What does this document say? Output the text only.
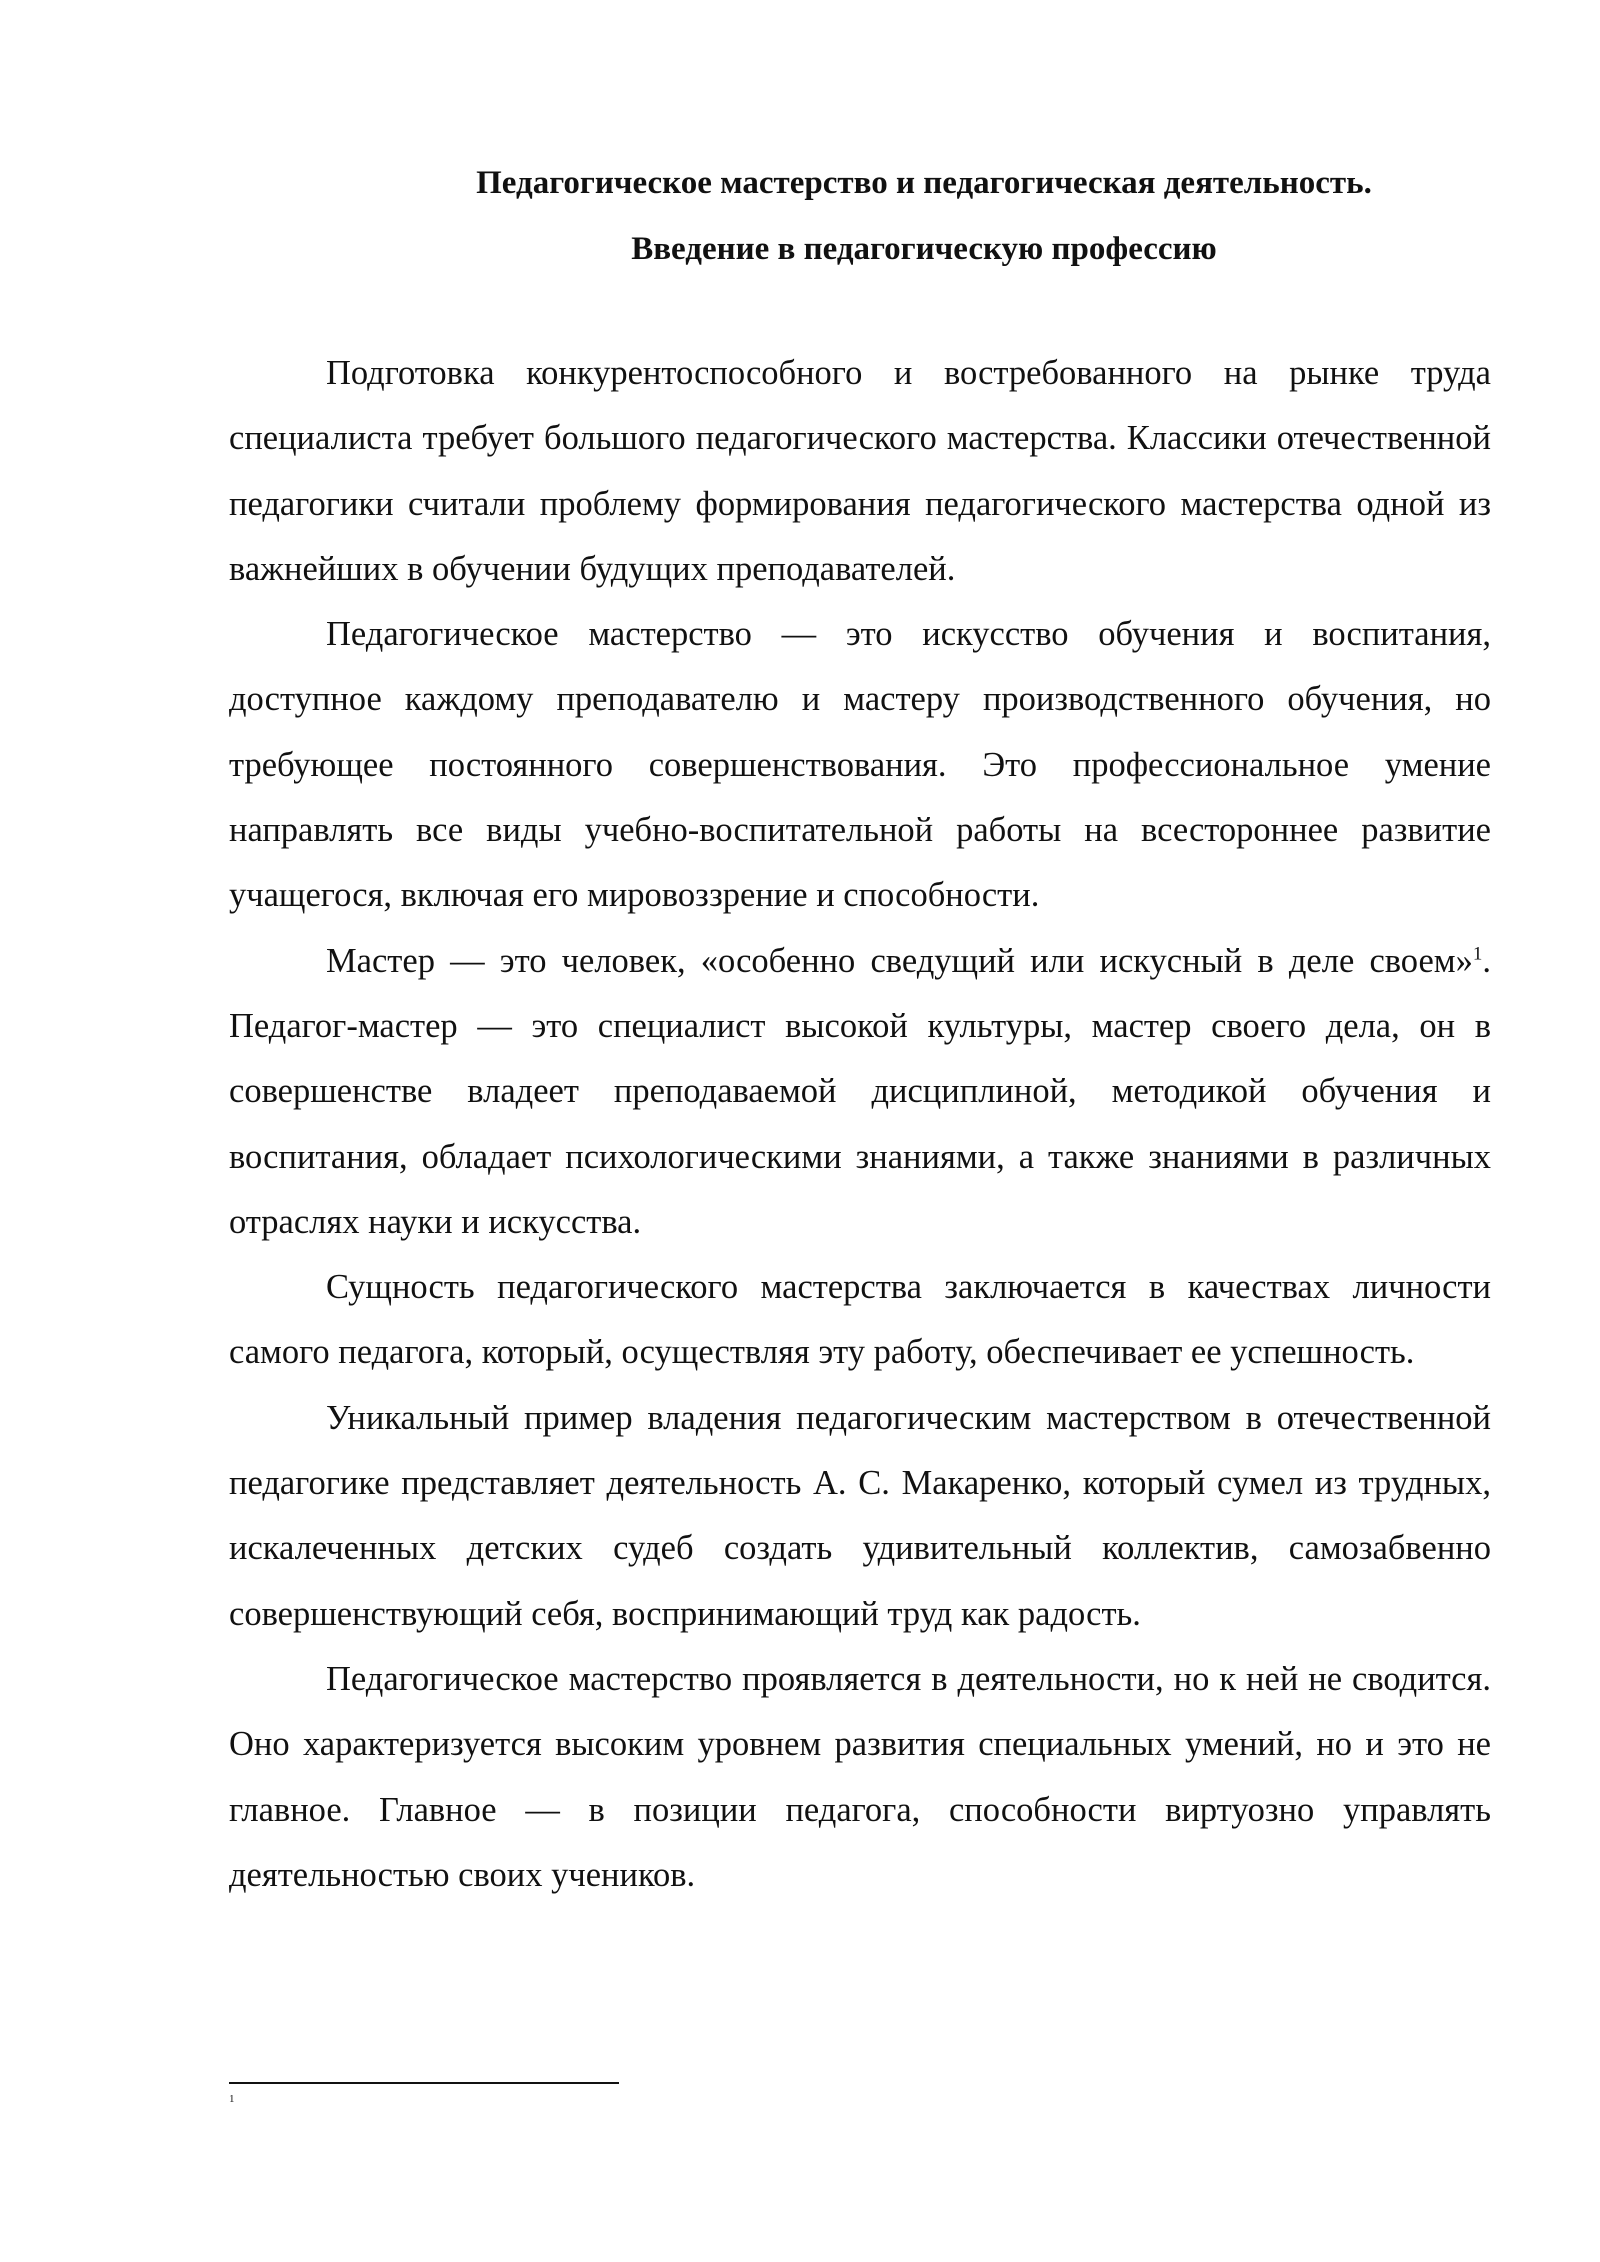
Педагогическое мастерство и педагогическая деятельность.
Введение в педагогическую профессию

Подготовка конкурентоспособного и востребованного на рынке труда специалиста требует большого педагогического мастерства. Классики отечественной педагогики считали проблему формирования педагогического мастерства одной из важнейших в обучении будущих преподавателей.

Педагогическое мастерство — это искусство обучения и воспитания, доступное каждому преподавателю и мастеру производственного обучения, но требующее постоянного совершенствования. Это профессиональное умение направлять все виды учебно-воспитательной работы на всестороннее развитие учащегося, включая его мировоззрение и способности.

Мастер — это человек, «особенно сведущий или искусный в деле своем»$^1$. Педагог-мастер — это специалист высокой культуры, мастер своего дела, он в совершенстве владеет преподаваемой дисциплиной, методикой обучения и воспитания, обладает психологическими знаниями, а также знаниями в различных отраслях науки и искусства.

Сущность педагогического мастерства заключается в качествах личности самого педагога, который, осуществляя эту работу, обеспечивает ее успешность.

Уникальный пример владения педагогическим мастерством в отечественной педагогике представляет деятельность А. С. Макаренко, который сумел из трудных, искалеченных детских судеб создать удивительный коллектив, самозабвенно совершенствующий себя, воспринимающий труд как радость.

Педагогическое мастерство проявляется в деятельности, но к ней не сводится. Оно характеризуется высоким уровнем развития специальных умений, но и это не главное. Главное — в позиции педагога, способности виртуозно управлять деятельностью своих учеников.

1
